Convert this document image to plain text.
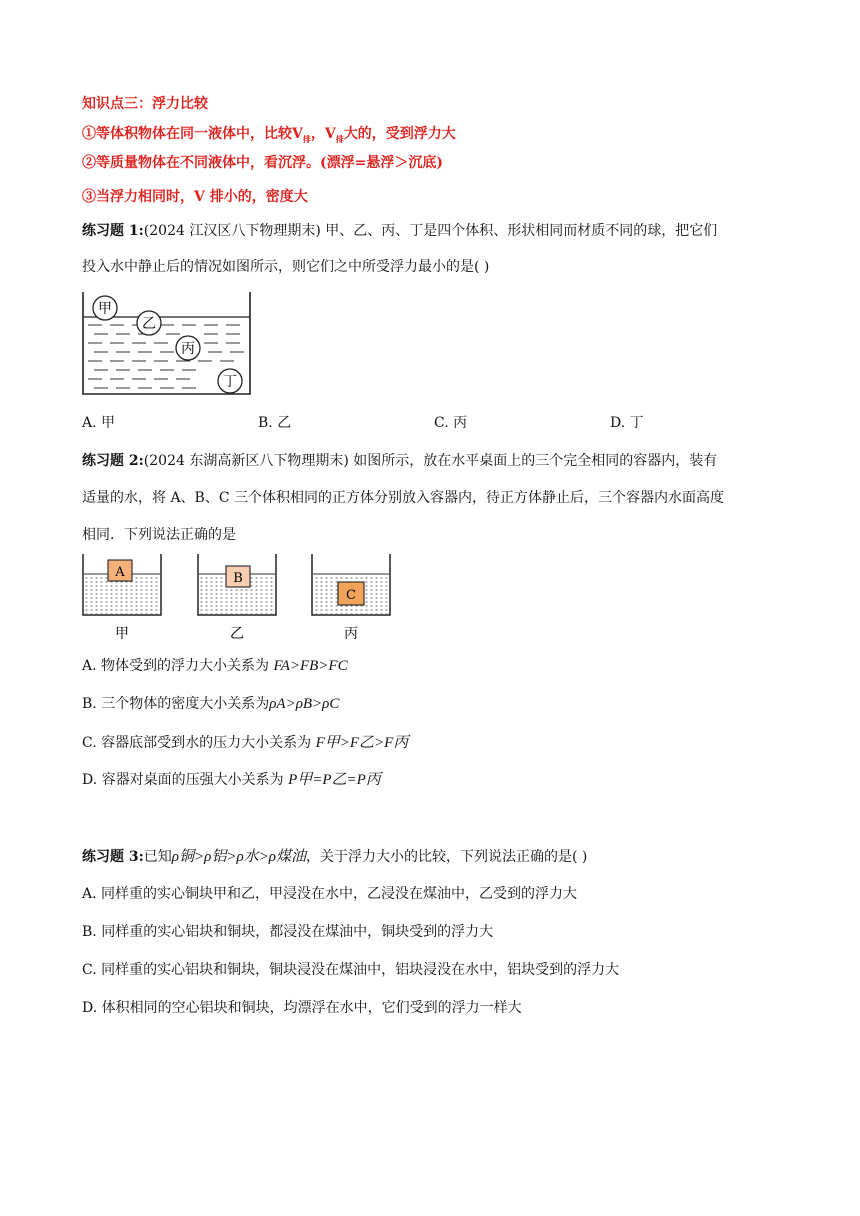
知识点三：浮力比较
①等体积物体在同一液体中，比较$V_排$，$V_排$大的，受到浮力大
②等质量物体在不同液体中，看沉浮。(漂浮=悬浮＞沉底)
③当浮力相同时，V 排小的，密度大
练习题 1:(2024 江汉区八下物理期末) 甲、乙、丙、丁是四个体积、形状相同而材质不同的球，把它们
投入水中静止后的情况如图所示，则它们之中所受浮力最小的是( )
甲
乙
丙
丁
A. 甲	B. 乙	C. 丙	D. 丁
练习题 2:(2024 东湖高新区八下物理期末) 如图所示，放在水平桌面上的三个完全相同的容器内，装有
适量的水，将 A、B、C 三个体积相同的正方体分别放入容器内，待正方体静止后，三个容器内水面高度
相同．下列说法正确的是
A
甲
B
乙
C
丙
A. 物体受到的浮力大小关系为 FA>FB>FC
B. 三个物体的密度大小关系为ρA>ρB>ρC
C. 容器底部受到水的压力大小关系为 F甲>F乙>F丙
D. 容器对桌面的压强大小关系为 P甲=P乙=P丙
练习题 3:已知ρ铜>ρ铝>ρ水>ρ煤油，关于浮力大小的比较，下列说法正确的是( )
A. 同样重的实心铜块甲和乙，甲浸没在水中，乙浸没在煤油中，乙受到的浮力大
B. 同样重的实心铝块和铜块，都浸没在煤油中，铜块受到的浮力大
C. 同样重的实心铝块和铜块，铜块浸没在煤油中，铝块浸没在水中，铝块受到的浮力大
D. 体积相同的空心铝块和铜块，均漂浮在水中，它们受到的浮力一样大
